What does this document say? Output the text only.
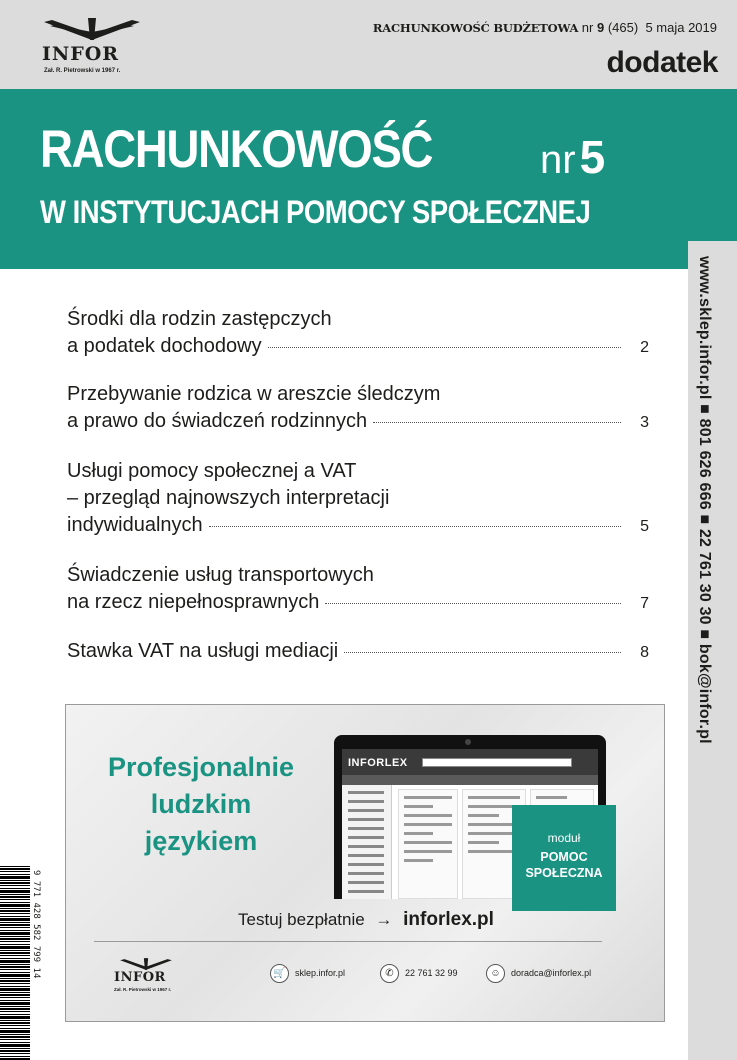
INFOR
Zał. R. Pietrowski w 1967 r.
RACHUNKOWOŚĆ BUDŻETOWA nr 9 (465) 5 maja 2019
dodatek
RACHUNKOWOŚĆ	nr5
W INSTYTUCJACH POMOCY SPOŁECZNEJ
www.sklep.infor.pl ■ 801 626 666 ■ 22 761 30 30 ■ bok@infor.pl
Środki dla rodzin zastępczych
a podatek dochodowy	2
Przebywanie rodzica w areszcie śledczym
a prawo do świadczeń rodzinnych	3
Usługi pomocy społecznej a VAT
– przegląd najnowszych interpretacji
indywidualnych	5
Świadczenie usług transportowych
na rzecz niepełnosprawnych	7
Stawka VAT na usługi mediacji	8
Profesjonalnie
ludzkim
językiem
INFORLEX
moduł
POMOC SPOŁECZNA
Testuj bezpłatnie → inforlex.pl
INFOR
Zał. R. Pietrowski w 1967 r.
🛒	sklep.infor.pl	✆	22 761 32 99	☺	doradca@inforlex.pl
9 771 428 582 799 14
